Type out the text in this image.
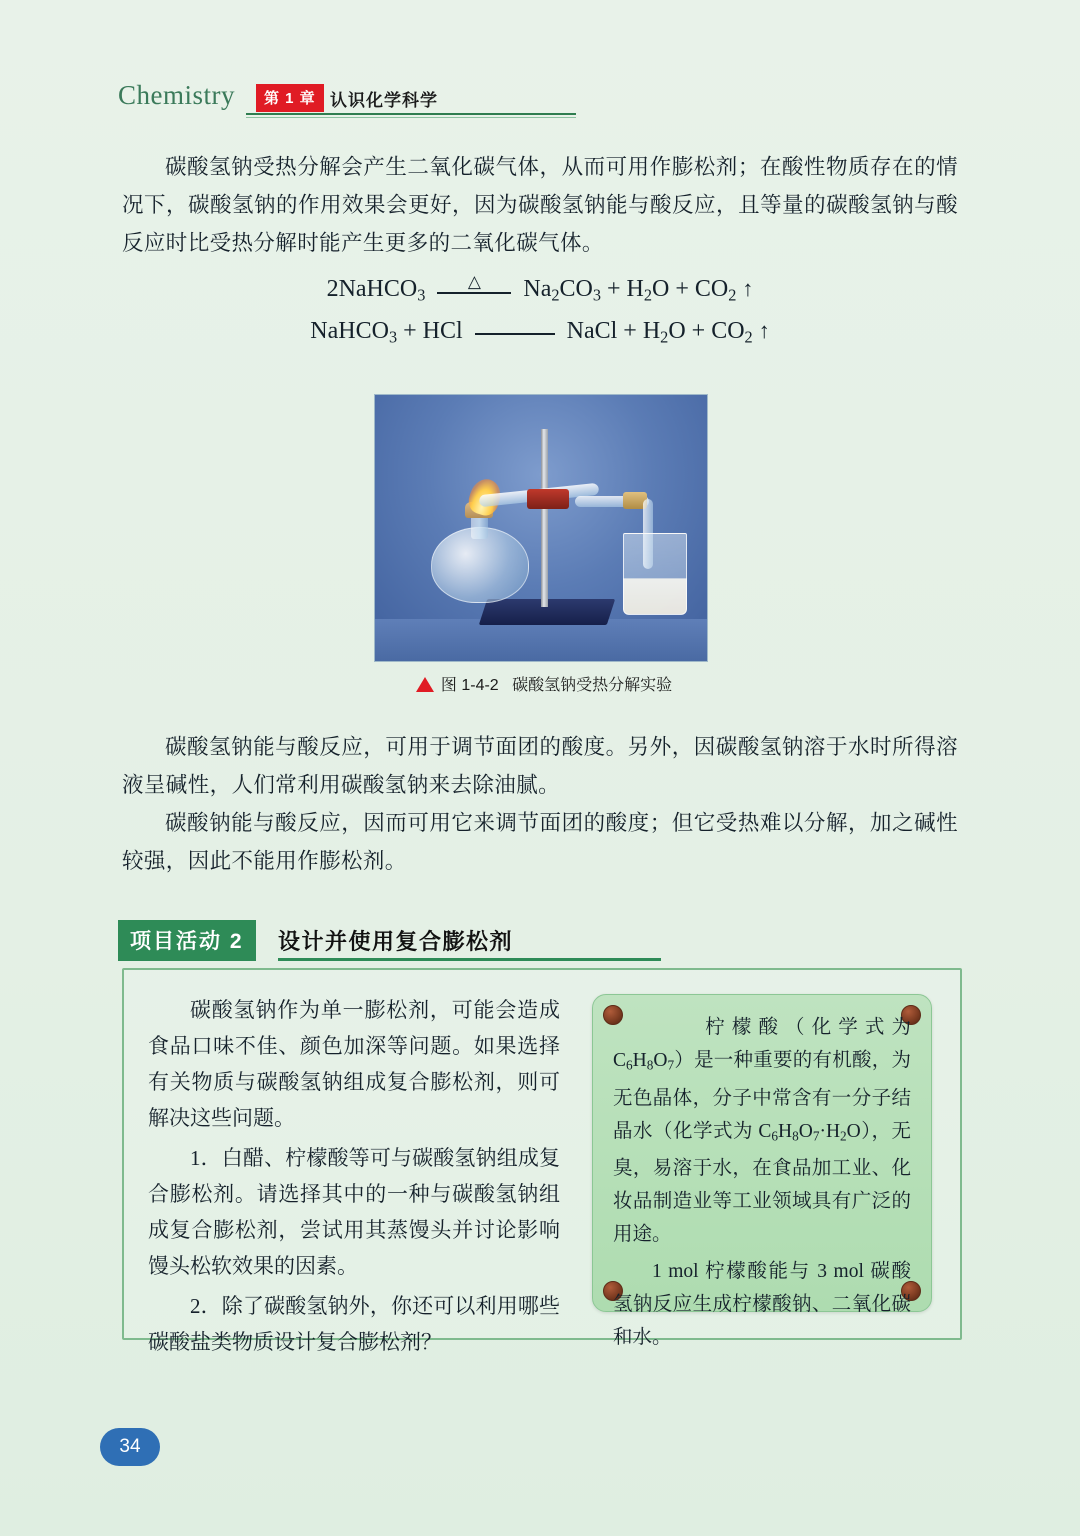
Chemistry	第 1 章 认识化学科学
碳酸氢钠受热分解会产生二氧化碳气体，从而可用作膨松剂；在酸性物质存在的情况下，碳酸氢钠的作用效果会更好，因为碳酸氢钠能与酸反应，且等量的碳酸氢钠与酸反应时比受热分解时能产生更多的二氧化碳气体。
2NaHCO$_3$
△	$Na_2CO_3 + H_2O + CO_2$ ↑
NaHCO$_3$ + HCl	NaCl + $H_2O + CO_2$ ↑
图 1-4-2 碳酸氢钠受热分解实验
碳酸氢钠能与酸反应，可用于调节面团的酸度。另外，因碳酸氢钠溶于水时所得溶液呈碱性，人们常利用碳酸氢钠来去除油腻。
碳酸钠能与酸反应，因而可用它来调节面团的酸度；但它受热难以分解，加之碱性较强，因此不能用作膨松剂。
项目活动 2	设计并使用复合膨松剂

碳酸氢钠作为单一膨松剂，可能会造成食品口味不佳、颜色加深等问题。如果选择有关物质与碳酸氢钠组成复合膨松剂，则可解决这些问题。

1．白醋、柠檬酸等可与碳酸氢钠组成复合膨松剂。请选择其中的一种与碳酸氢钠组成复合膨松剂，尝试用其蒸馒头并讨论影响馒头松软效果的因素。

2．除了碳酸氢钠外，你还可以利用哪些碳酸盐类物质设计复合膨松剂？

　　柠檬酸（化学式为 $C_6H_8O_7$）是一种重要的有机酸，为无色晶体，分子中常含有一分子结晶水（化学式为 $C_6H_8O_7\cdot H_2O$），无臭，易溶于水，在食品加工业、化妆品制造业等工业领域具有广泛的用途。

1 mol 柠檬酸能与 3 mol 碳酸氢钠反应生成柠檬酸钠、二氧化碳和水。

34
